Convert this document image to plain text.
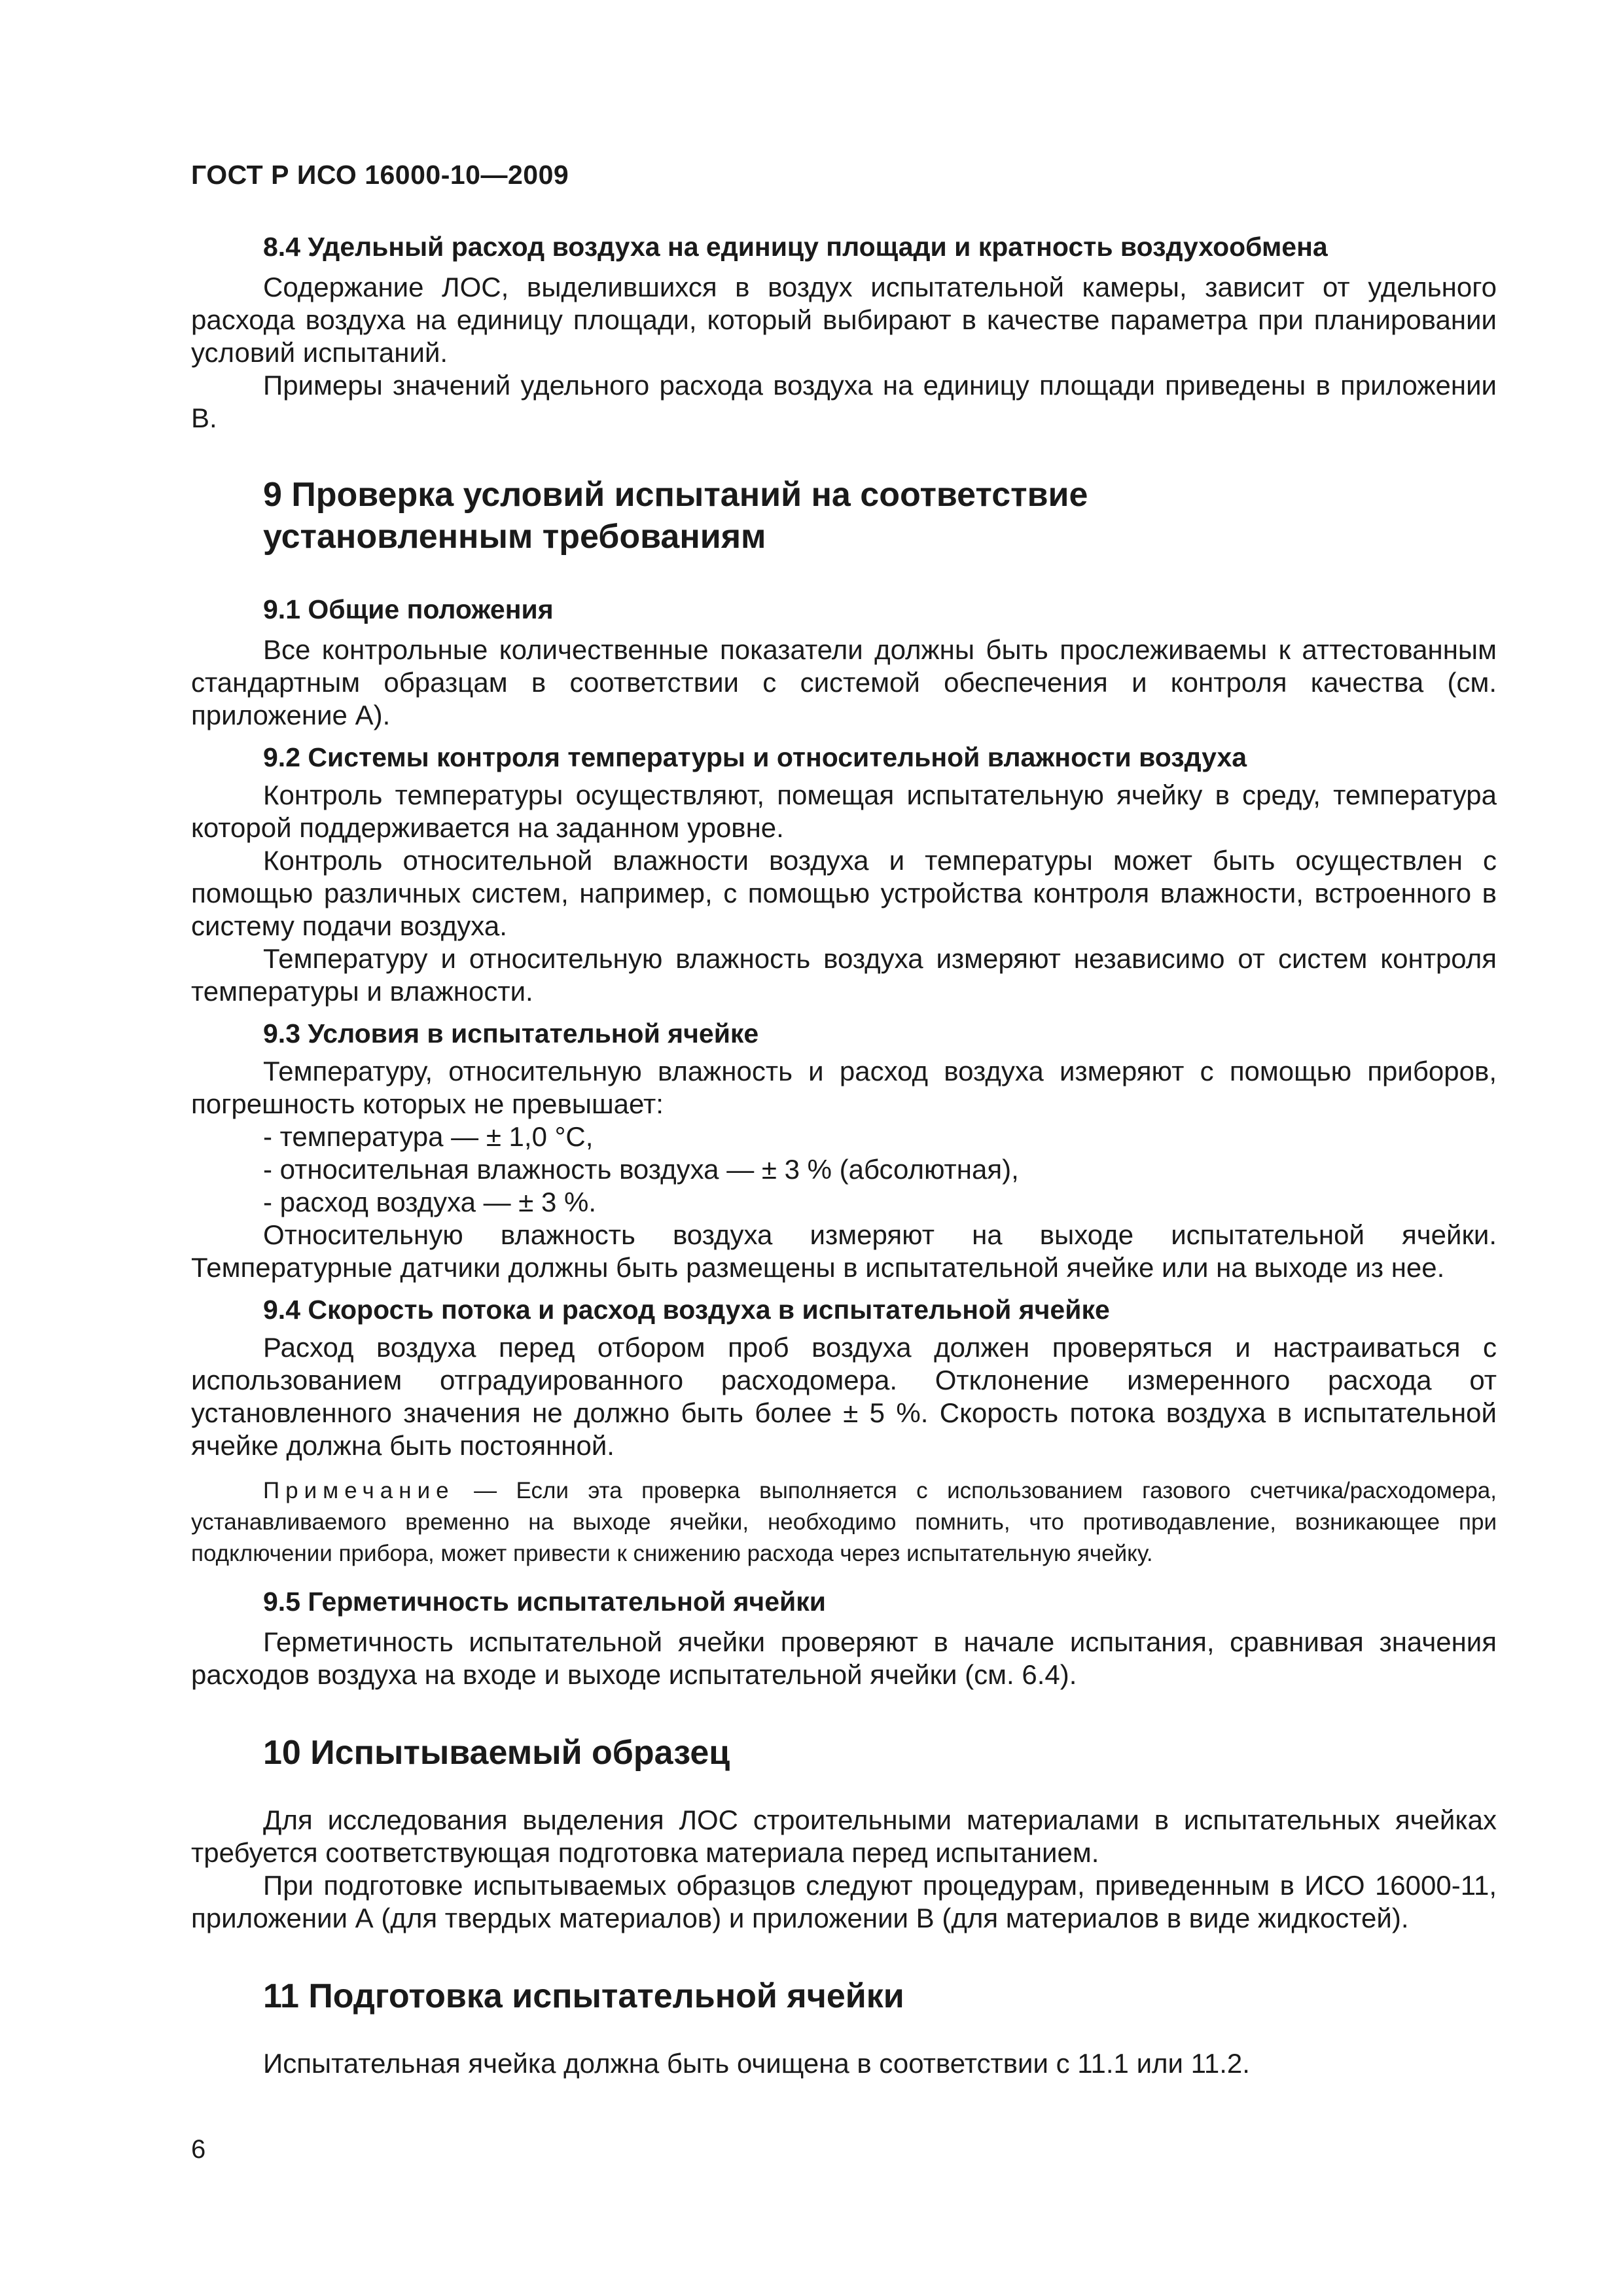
ГОСТ Р ИСО 16000-10—2009
8.4 Удельный расход воздуха на единицу площади и кратность воздухообмена

Содержание ЛОС, выделившихся в воздух испытательной камеры, зависит от удельного расхода воздуха на единицу площади, который выбирают в качестве параметра при планировании условий испытаний.

Примеры значений удельного расхода воздуха на единицу площади приведены в приложении В.

9 Проверка условий испытаний на соответствие установленным требованиям
9.1 Общие положения

Все контрольные количественные показатели должны быть прослеживаемы к аттестованным стандартным образцам в соответствии с системой обеспечения и контроля качества (см. приложение А).

9.2 Системы контроля температуры и относительной влажности воздуха

Контроль температуры осуществляют, помещая испытательную ячейку в среду, температура которой поддерживается на заданном уровне.

Контроль относительной влажности воздуха и температуры может быть осуществлен с помощью различных систем, например, с помощью устройства контроля влажности, встроенного в систему подачи воздуха.

Температуру и относительную влажность воздуха измеряют независимо от систем контроля температуры и влажности.

9.3 Условия в испытательной ячейке

Температуру, относительную влажность и расход воздуха измеряют с помощью приборов, погрешность которых не превышает:

- температура — ± 1,0 °С,

- относительная влажность воздуха — ± 3 % (абсолютная),

- расход воздуха — ± 3 %.

Относительную влажность воздуха измеряют на выходе испытательной ячейки. Температурные датчики должны быть размещены в испытательной ячейке или на выходе из нее.

9.4 Скорость потока и расход воздуха в испытательной ячейке

Расход воздуха перед отбором проб воздуха должен проверяться и настраиваться с использованием отградуированного расходомера. Отклонение измеренного расхода от установленного значения не должно быть более ± 5 %. Скорость потока воздуха в испытательной ячейке должна быть постоянной.

Примечание — Если эта проверка выполняется с использованием газового счетчика/расходомера, устанавливаемого временно на выходе ячейки, необходимо помнить, что противодавление, возникающее при подключении прибора, может привести к снижению расхода через испытательную ячейку.
9.5 Герметичность испытательной ячейки

Герметичность испытательной ячейки проверяют в начале испытания, сравнивая значения расходов воздуха на входе и выходе испытательной ячейки (см. 6.4).

10 Испытываемый образец

Для исследования выделения ЛОС строительными материалами в испытательных ячейках требуется соответствующая подготовка материала перед испытанием.

При подготовке испытываемых образцов следуют процедурам, приведенным в ИСО 16000-11, приложении А (для твердых материалов) и приложении В (для материалов в виде жидкостей).

11 Подготовка испытательной ячейки

Испытательная ячейка должна быть очищена в соответствии с 11.1 или 11.2.

6
